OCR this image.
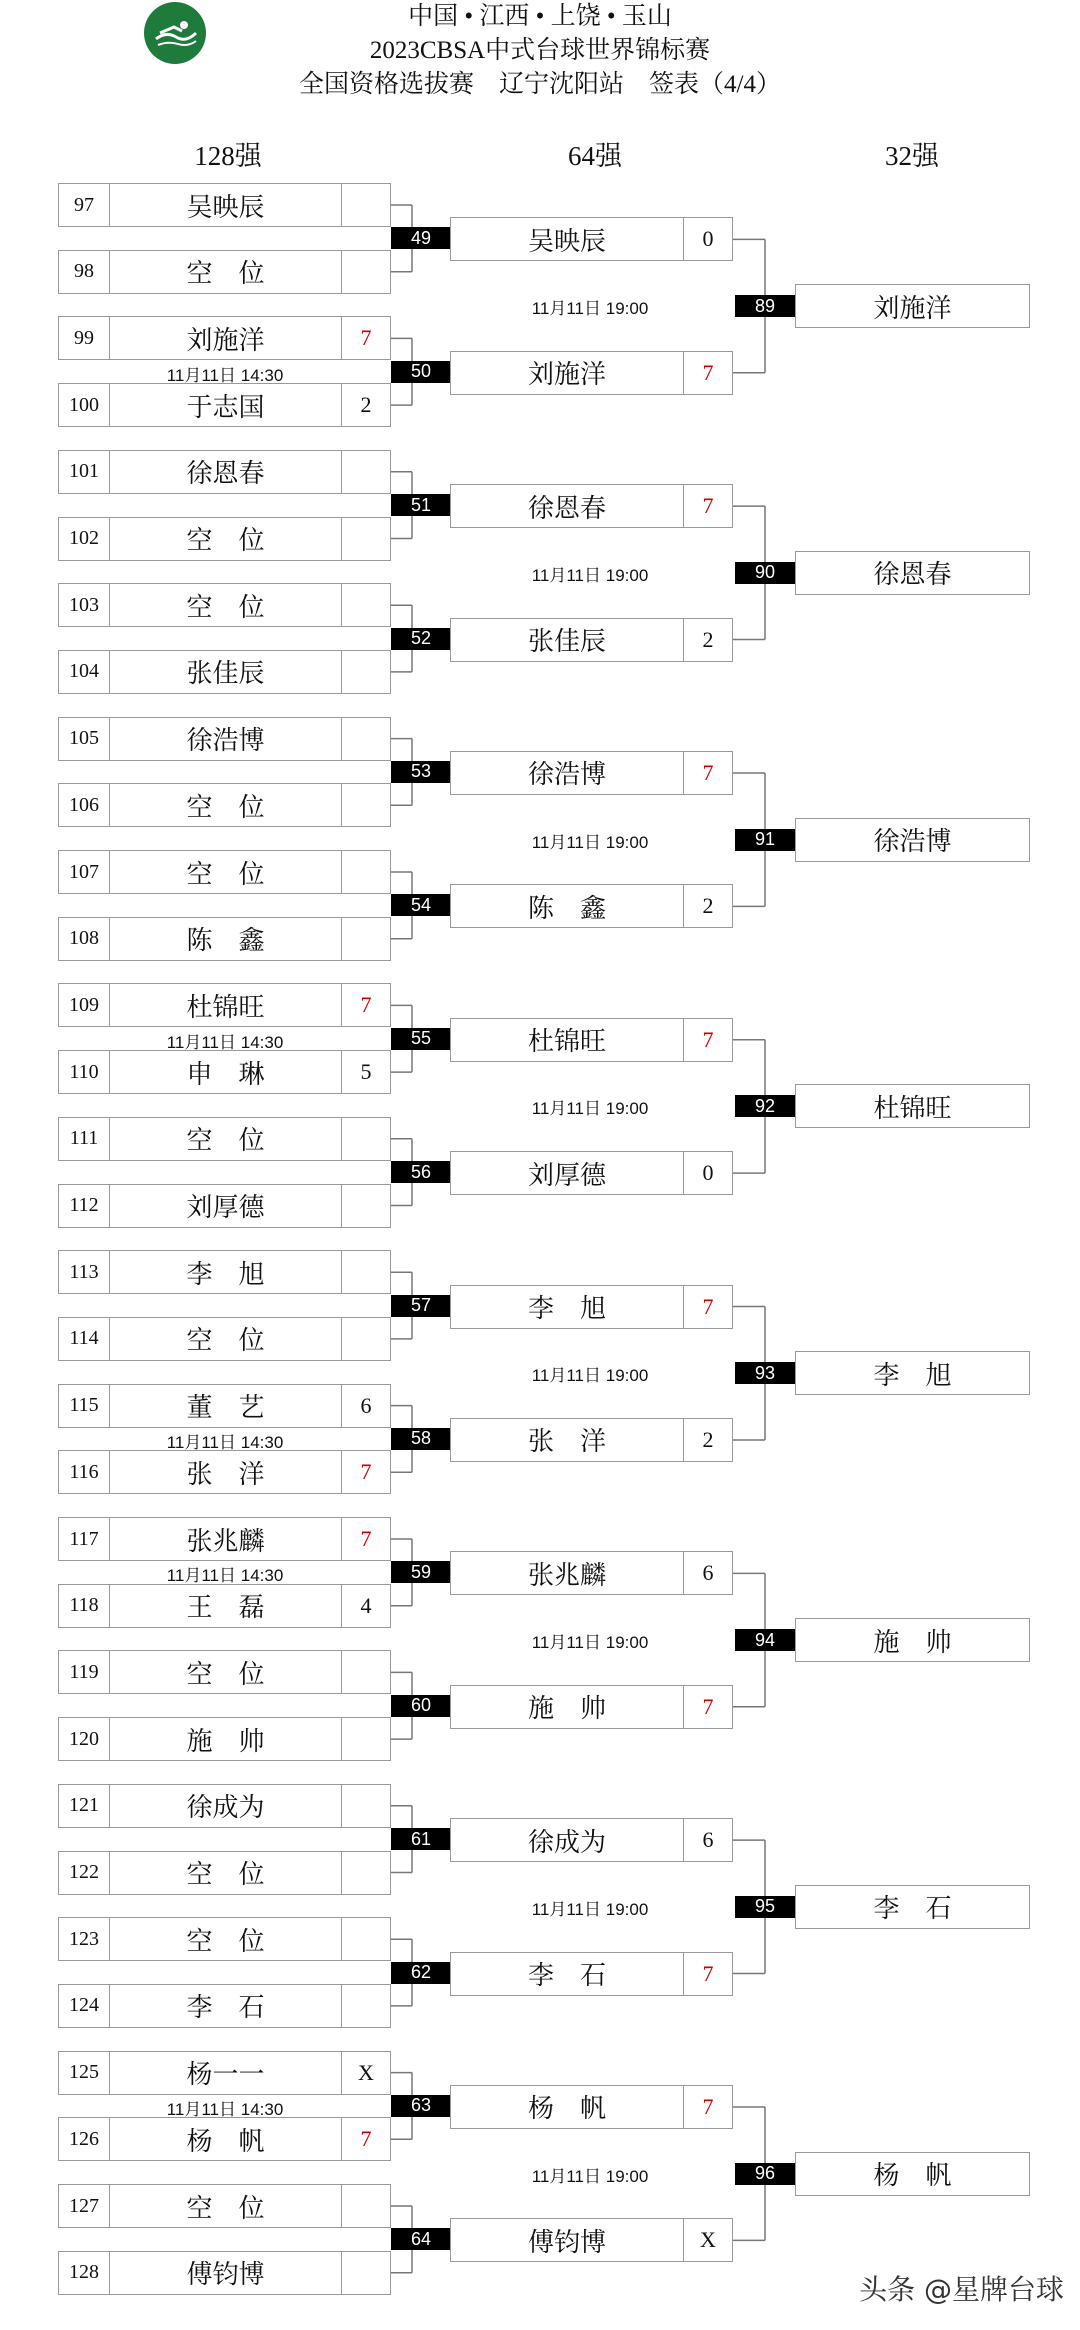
中国 • 江西 • 上饶 • 玉山
2023CBSA中式台球世界锦标赛
全国资格选拔赛　辽宁沈阳站　签表（4/4）
128强	64强	32强
97	吴映辰
98	空　位
99	刘施洋	7
100	于志国	2
101	徐恩春
102	空　位
103	空　位
104	张佳辰
105	徐浩博
106	空　位
107	空　位
108	陈　鑫
109	杜锦旺	7
110	申　琳	5
111	空　位
112	刘厚德
113	李　旭
114	空　位
115	董　艺	6
116	张　洋	7
117	张兆麟	7
118	王　磊	4
119	空　位
120	施　帅
121	徐成为
122	空　位
123	空　位
124	李　石
125	杨一一	X
126	杨　帆	7
127	空　位
128	傅钧博
11月11日 14:30
11月11日 14:30
11月11日 14:30
11月11日 14:30
11月11日 14:30
49	吴映辰	0
50	刘施洋	7
51	徐恩春	7
52	张佳辰	2
53	徐浩博	7
54	陈　鑫	2
55	杜锦旺	7
56	刘厚德	0
57	李　旭	7
58	张　洋	2
59	张兆麟	6
60	施　帅	7
61	徐成为	6
62	李　石	7
63	杨　帆	7
64	傅钧博	X
11月11日 19:00	89	刘施洋
11月11日 19:00	90	徐恩春
11月11日 19:00	91	徐浩博
11月11日 19:00	92	杜锦旺
11月11日 19:00	93	李　旭
11月11日 19:00	94	施　帅
11月11日 19:00	95	李　石
11月11日 19:00	96	杨　帆
头条 @星牌台球
